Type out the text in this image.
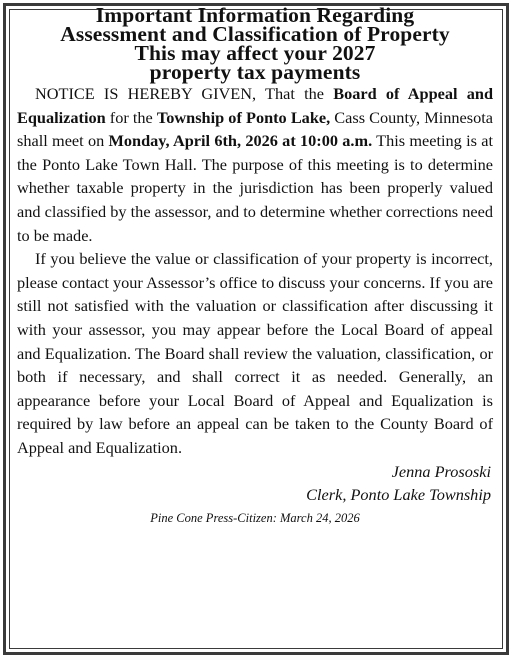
Important Information Regarding
Assessment and Classification of Property
This may affect your 2027
property tax payments

NOTICE IS HEREBY GIVEN, That the Board of Appeal and Equalization for the Township of Ponto Lake, Cass County, Minnesota shall meet on Monday, April 6th, 2026 at 10:00 a.m. This meeting is at the Ponto Lake Town Hall. The purpose of this meeting is to determine whether taxable property in the jurisdiction has been properly valued and classified by the assessor, and to determine whether corrections need to be made.

If you believe the value or classification of your property is incorrect, please contact your Assessor’s office to discuss your concerns. If you are still not satisfied with the valuation or classification after discussing it with your assessor, you may appear before the Local Board of appeal and Equalization. The Board shall review the valuation, classification, or both if necessary, and shall correct it as needed. Generally, an appearance before your Local Board of Appeal and Equalization is required by law before an appeal can be taken to the County Board of Appeal and Equalization.

Jenna Prososki

Clerk, Ponto Lake Township

Pine Cone Press-Citizen: March 24, 2026
